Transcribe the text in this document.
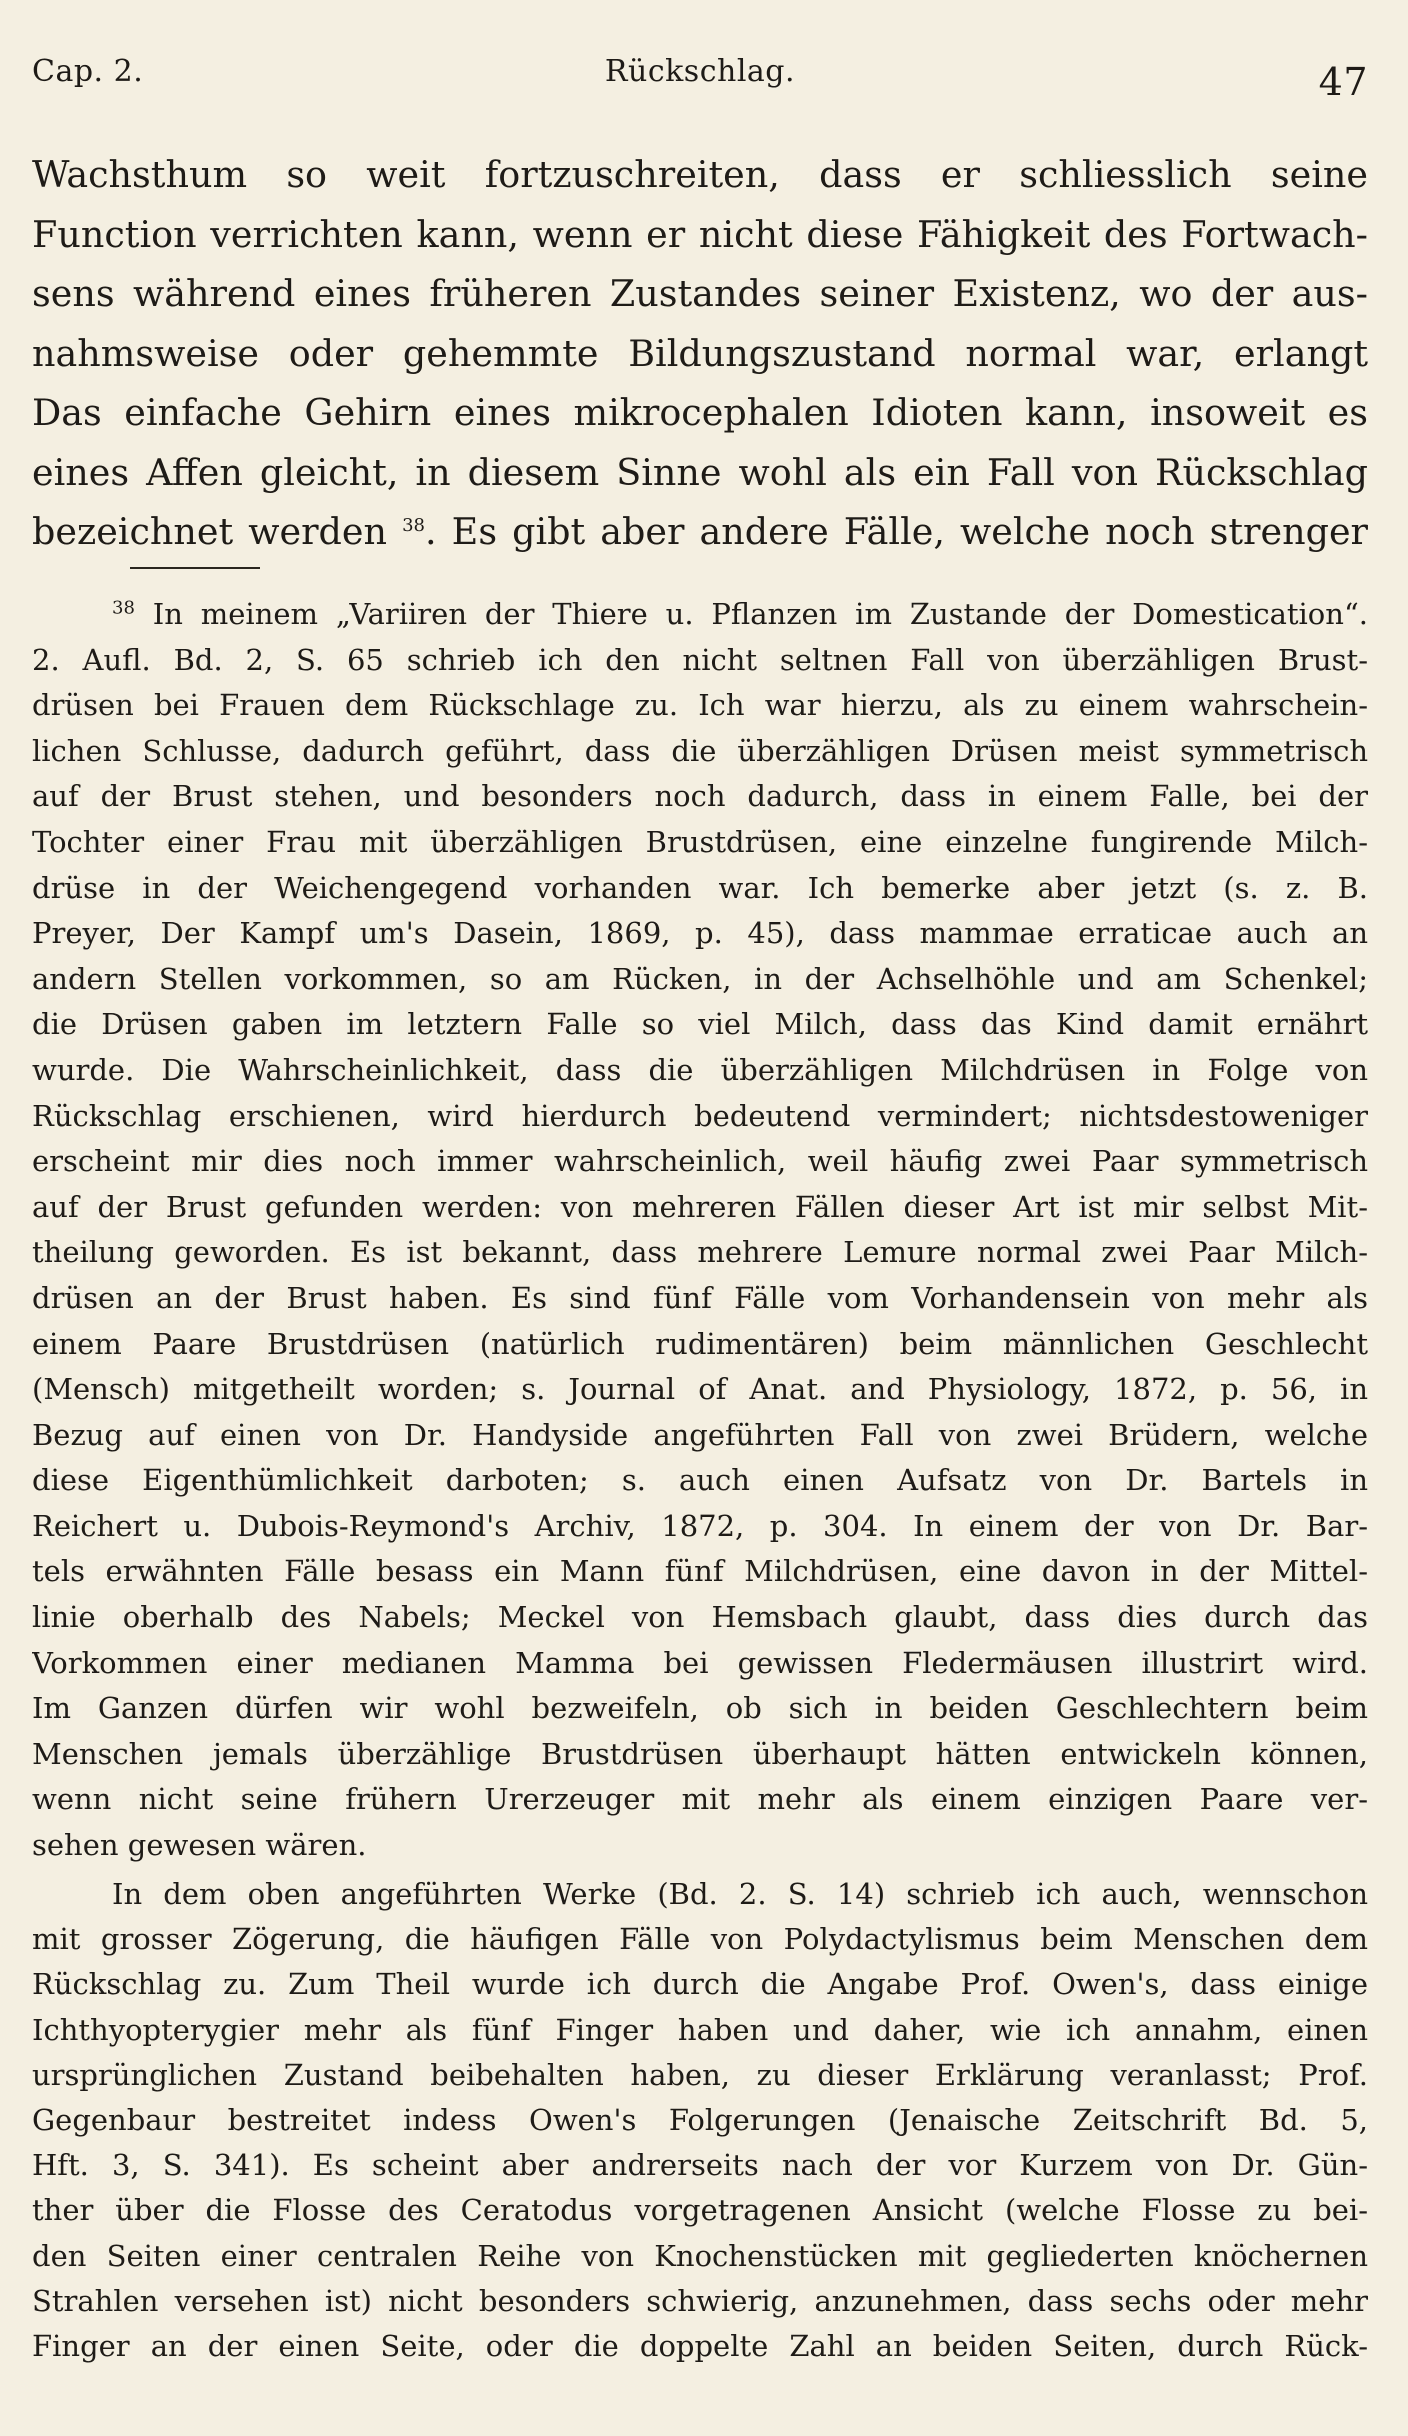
Cap. 2.	Rückschlag.	47
Wachsthum so weit fortzuschreiten, dass er schliesslich seine
Function verrichten kann, wenn er nicht diese Fähigkeit des Fortwach-
sens während eines früheren Zustandes seiner Existenz, wo der aus-
nahmsweise oder gehemmte Bildungszustand normal war, erlangt
Das einfache Gehirn eines mikrocephalen Idioten kann, insoweit es
eines Affen gleicht, in diesem Sinne wohl als ein Fall von Rückschlag
bezeichnet werden $^{38}$. Es gibt aber andere Fälle, welche noch strenger
$^{38}$ In meinem „Variiren der Thiere u. Pflanzen im Zustande der Domestication“.
2. Aufl. Bd. 2, S. 65 schrieb ich den nicht seltnen Fall von überzähligen Brust-
drüsen bei Frauen dem Rückschlage zu. Ich war hierzu, als zu einem wahrschein-
lichen Schlusse, dadurch geführt, dass die überzähligen Drüsen meist symmetrisch
auf der Brust stehen, und besonders noch dadurch, dass in einem Falle, bei der
Tochter einer Frau mit überzähligen Brustdrüsen, eine einzelne fungirende Milch-
drüse in der Weichengegend vorhanden war. Ich bemerke aber jetzt (s. z. B.
Preyer, Der Kampf um's Dasein, 1869, p. 45), dass mammae erraticae auch an
andern Stellen vorkommen, so am Rücken, in der Achselhöhle und am Schenkel;
die Drüsen gaben im letztern Falle so viel Milch, dass das Kind damit ernährt
wurde. Die Wahrscheinlichkeit, dass die überzähligen Milchdrüsen in Folge von
Rückschlag erschienen, wird hierdurch bedeutend vermindert; nichtsdestoweniger
erscheint mir dies noch immer wahrscheinlich, weil häufig zwei Paar symmetrisch
auf der Brust gefunden werden: von mehreren Fällen dieser Art ist mir selbst Mit-
theilung geworden. Es ist bekannt, dass mehrere Lemure normal zwei Paar Milch-
drüsen an der Brust haben. Es sind fünf Fälle vom Vorhandensein von mehr als
einem Paare Brustdrüsen (natürlich rudimentären) beim männlichen Geschlecht
(Mensch) mitgetheilt worden; s. Journal of Anat. and Physiology, 1872, p. 56, in
Bezug auf einen von Dr. Handyside angeführten Fall von zwei Brüdern, welche
diese Eigenthümlichkeit darboten; s. auch einen Aufsatz von Dr. Bartels in
Reichert u. Dubois-Reymond's Archiv, 1872, p. 304. In einem der von Dr. Bar-
tels erwähnten Fälle besass ein Mann fünf Milchdrüsen, eine davon in der Mittel-
linie oberhalb des Nabels; Meckel von Hemsbach glaubt, dass dies durch das
Vorkommen einer medianen Mamma bei gewissen Fledermäusen illustrirt wird.
Im Ganzen dürfen wir wohl bezweifeln, ob sich in beiden Geschlechtern beim
Menschen jemals überzählige Brustdrüsen überhaupt hätten entwickeln können,
wenn nicht seine frühern Urerzeuger mit mehr als einem einzigen Paare ver-
sehen gewesen wären.
In dem oben angeführten Werke (Bd. 2. S. 14) schrieb ich auch, wennschon
mit grosser Zögerung, die häufigen Fälle von Polydactylismus beim Menschen dem
Rückschlag zu. Zum Theil wurde ich durch die Angabe Prof. Owen's, dass einige
Ichthyopterygier mehr als fünf Finger haben und daher, wie ich annahm, einen
ursprünglichen Zustand beibehalten haben, zu dieser Erklärung veranlasst; Prof.
Gegenbaur bestreitet indess Owen's Folgerungen (Jenaische Zeitschrift Bd. 5,
Hft. 3, S. 341). Es scheint aber andrerseits nach der vor Kurzem von Dr. Gün-
ther über die Flosse des Ceratodus vorgetragenen Ansicht (welche Flosse zu bei-
den Seiten einer centralen Reihe von Knochenstücken mit gegliederten knöchernen
Strahlen versehen ist) nicht besonders schwierig, anzunehmen, dass sechs oder mehr
Finger an der einen Seite, oder die doppelte Zahl an beiden Seiten, durch Rück-
